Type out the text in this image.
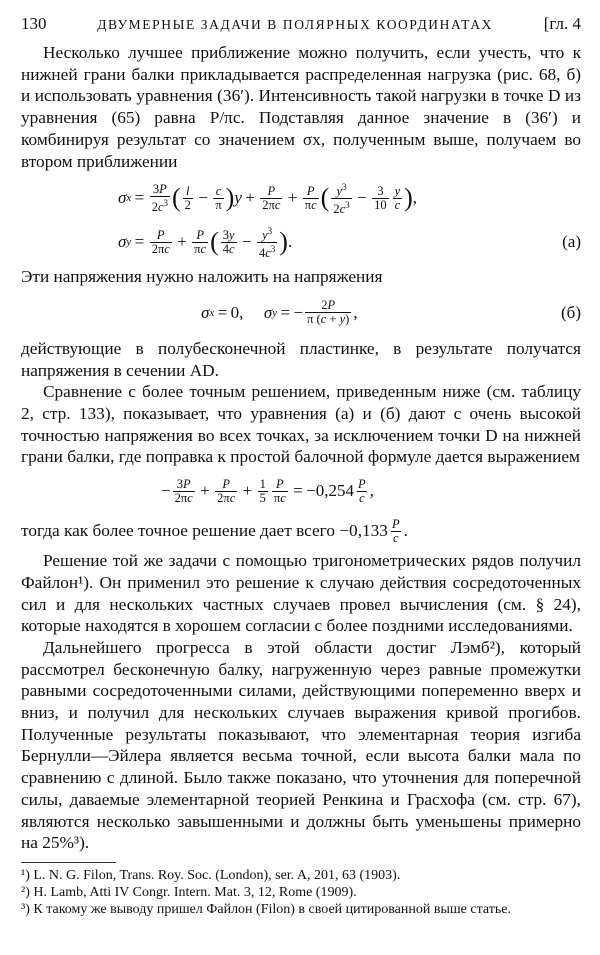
130	ДВУМЕРНЫЕ ЗАДАЧИ В ПОЛЯРНЫХ КООРДИНАТАХ	[гл. 4

Несколько лучшее приближение можно получить, если учесть, что к нижней грани балки прикладывается распределенная нагрузка (рис. 68, б) и использовать уравнения (36′). Интенсивность такой нагрузки в точке D из уравнения (65) равна P/πc. Подставляя данное значение в (36′) и комбинируя результат со значением σx, полученным выше, получаем во втором приближении

σ x  =  3P
$2c^3$ ( l
2  −  c
π ) y  +  P
2πc  +  P
πc ( $y^3$
$2c^3 - 3$
10
y
c ) ,
σ y  =  P
2πc  +  P
πc ( 3y
$4c - y^3$
$4c^3$ ) .	(а)

Эти напряжения нужно наложить на напряжения

σ x  = 0,   σ y  = − 2P
π (c + y) ,	(б)

действующие в полубесконечной пластинке, в результате получатся напряжения в сечении AD.

Сравнение с более точным решением, приведенным ниже (см. таблицу 2, стр. 133), показывает, что уравнения (а) и (б) дают с очень высокой точностью напряжения во всех точках, за исключением точки D на нижней грани балки, где поправка к простой балочной формуле дается выражением

− 3P
2πc  +  P
2πc  +  1
5
P
πc  =  −0,254 P
c ,
тогда как более точное решение дает всего
−0,133 P
c .

Решение той же задачи с помощью тригонометрических рядов получил Файлон¹). Он применил это решение к случаю действия сосредоточенных сил и для нескольких частных случаев провел вычисления (см. § 24), которые находятся в хорошем согласии с более поздними исследованиями.

Дальнейшего прогресса в этой области достиг Лэмб²), который рассмотрел бесконечную балку, нагруженную через равные промежутки равными сосредоточенными силами, действующими попеременно вверх и вниз, и получил для нескольких случаев выражения кривой прогибов. Полученные результаты показывают, что элементарная теория изгиба Бернулли—Эйлера является весьма точной, если высота балки мала по сравнению с длиной. Было также показано, что уточнения для поперечной силы, даваемые элементарной теорией Ренкина и Грасхофа (см. стр. 67), являются несколько завышенными и должны быть уменьшены примерно на 25%³).

¹) L. N. G. Filon, Trans. Roy. Soc. (London), ser. A, 201, 63 (1903).
²) H. Lamb, Atti IV Congr. Intern. Mat. 3, 12, Rome (1909).
³) К такому же выводу пришел Файлон (Filon) в своей цитированной выше статье.
